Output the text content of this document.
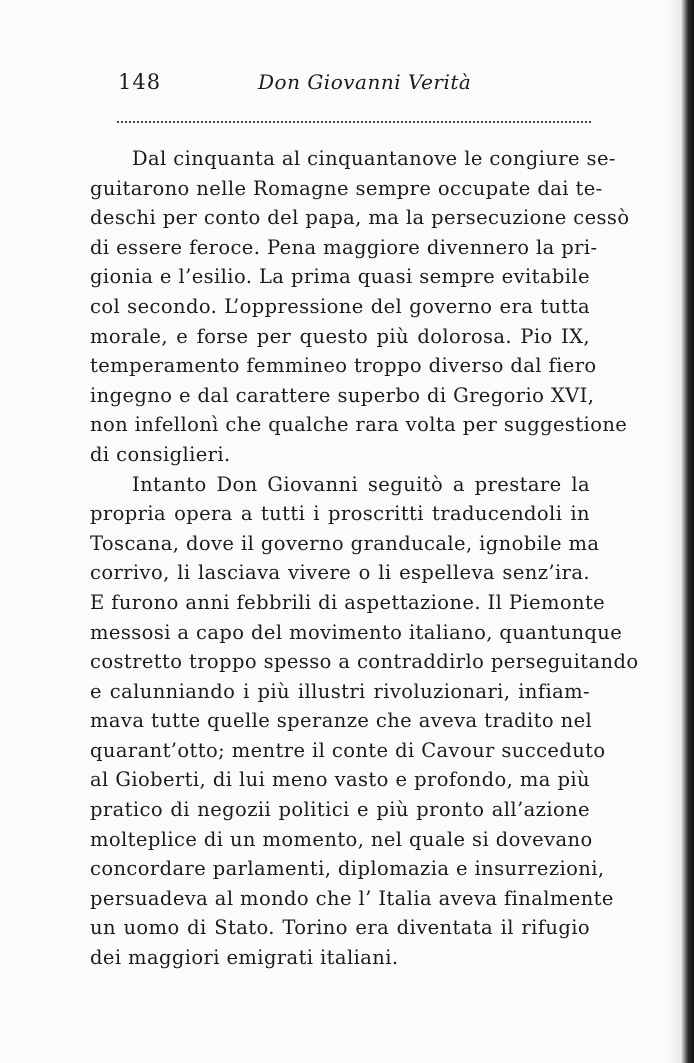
148	Don Giovanni Verità
Dal cinquanta al cinquantanove le congiure se-
guitarono nelle Romagne sempre occupate dai te-
deschi per conto del papa, ma la persecuzione cessò
di essere feroce. Pena maggiore divennero la pri-
gionia e l’esilio. La prima quasi sempre evitabile
col secondo. L’oppressione del governo era tutta
morale, e forse per questo più dolorosa. Pio IX,
temperamento femmineo troppo diverso dal fiero
ingegno e dal carattere superbo di Gregorio XVI,
non infellonì che qualche rara volta per suggestione
di consiglieri.
Intanto Don Giovanni seguitò a prestare la
propria opera a tutti i proscritti traducendoli in
Toscana, dove il governo granducale, ignobile ma
corrivo, li lasciava vivere o li espelleva senz’ira.
E furono anni febbrili di aspettazione. Il Piemonte
messosi a capo del movimento italiano, quantunque
costretto troppo spesso a contraddirlo perseguitando
e calunniando i più illustri rivoluzionari, infiam-
mava tutte quelle speranze che aveva tradito nel
quarant’otto; mentre il conte di Cavour succeduto
al Gioberti, di lui meno vasto e profondo, ma più
pratico di negozii politici e più pronto all’azione
molteplice di un momento, nel quale si dovevano
concordare parlamenti, diplomazia e insurrezioni,
persuadeva al mondo che l’ Italia aveva finalmente
un uomo di Stato. Torino era diventata il rifugio
dei maggiori emigrati italiani.
